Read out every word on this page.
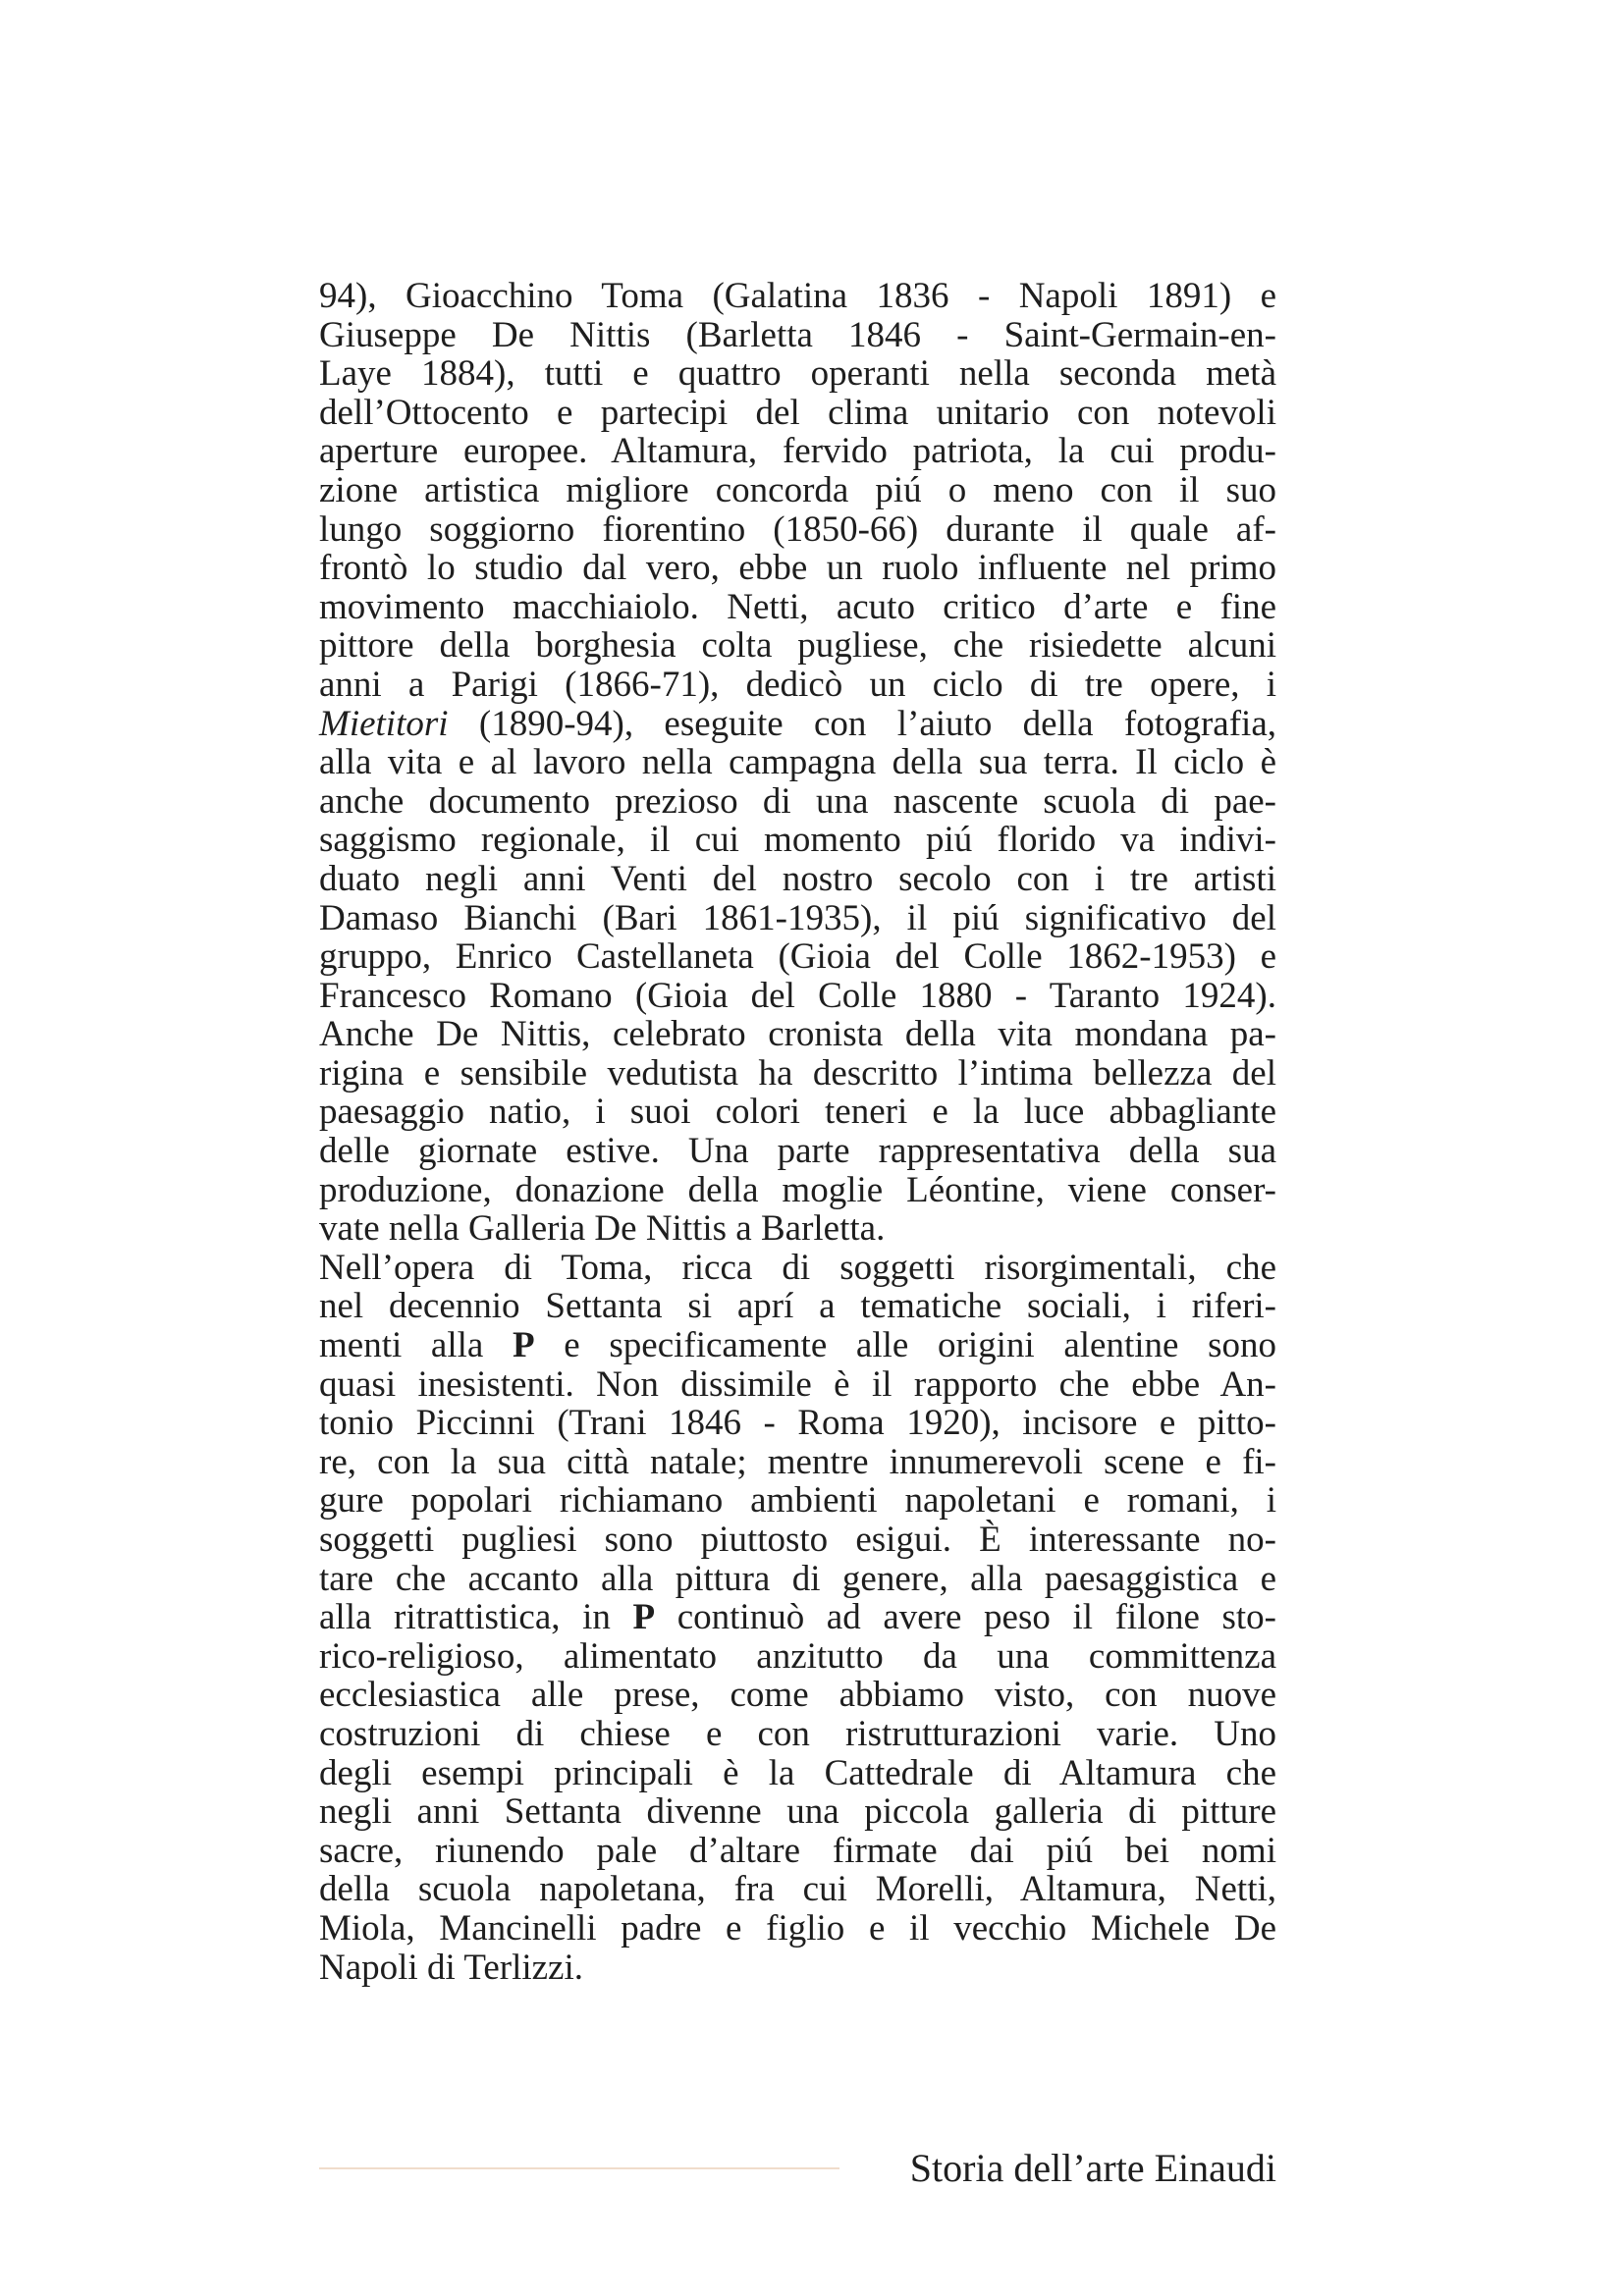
94), Gioacchino Toma (Galatina 1836 - Napoli 1891) e
Giuseppe De Nittis (Barletta 1846 - Saint-Germain-en-
Laye 1884), tutti e quattro operanti nella seconda metà
dell’Ottocento e partecipi del clima unitario con notevoli
aperture europee. Altamura, fervido patriota, la cui produ-
zione artistica migliore concorda piú o meno con il suo
lungo soggiorno fiorentino (1850-66) durante il quale af-
frontò lo studio dal vero, ebbe un ruolo influente nel primo
movimento macchiaiolo. Netti, acuto critico d’arte e fine
pittore della borghesia colta pugliese, che risiedette alcuni
anni a Parigi (1866-71), dedicò un ciclo di tre opere, i
Mietitori (1890-94), eseguite con l’aiuto della fotografia,
alla vita e al lavoro nella campagna della sua terra. Il ciclo è
anche documento prezioso di una nascente scuola di pae-
saggismo regionale, il cui momento piú florido va indivi-
duato negli anni Venti del nostro secolo con i tre artisti
Damaso Bianchi (Bari 1861-1935), il piú significativo del
gruppo, Enrico Castellaneta (Gioia del Colle 1862-1953) e
Francesco Romano (Gioia del Colle 1880 - Taranto 1924).
Anche De Nittis, celebrato cronista della vita mondana pa-
rigina e sensibile vedutista ha descritto l’intima bellezza del
paesaggio natio, i suoi colori teneri e la luce abbagliante
delle giornate estive. Una parte rappresentativa della sua
produzione, donazione della moglie Léontine, viene conser-
vate nella Galleria De Nittis a Barletta.
Nell’opera di Toma, ricca di soggetti risorgimentali, che
nel decennio Settanta si aprí a tematiche sociali, i riferi-
menti alla P e specificamente alle origini alentine sono
quasi inesistenti. Non dissimile è il rapporto che ebbe An-
tonio Piccinni (Trani 1846 - Roma 1920), incisore e pitto-
re, con la sua città natale; mentre innumerevoli scene e fi-
gure popolari richiamano ambienti napoletani e romani, i
soggetti pugliesi sono piuttosto esigui. È interessante no-
tare che accanto alla pittura di genere, alla paesaggistica e
alla ritrattistica, in P continuò ad avere peso il filone sto-
rico-religioso, alimentato anzitutto da una committenza
ecclesiastica alle prese, come abbiamo visto, con nuove
costruzioni di chiese e con ristrutturazioni varie. Uno
degli esempi principali è la Cattedrale di Altamura che
negli anni Settanta divenne una piccola galleria di pitture
sacre, riunendo pale d’altare firmate dai piú bei nomi
della scuola napoletana, fra cui Morelli, Altamura, Netti,
Miola, Mancinelli padre e figlio e il vecchio Michele De
Napoli di Terlizzi.
Storia dell’arte Einaudi
